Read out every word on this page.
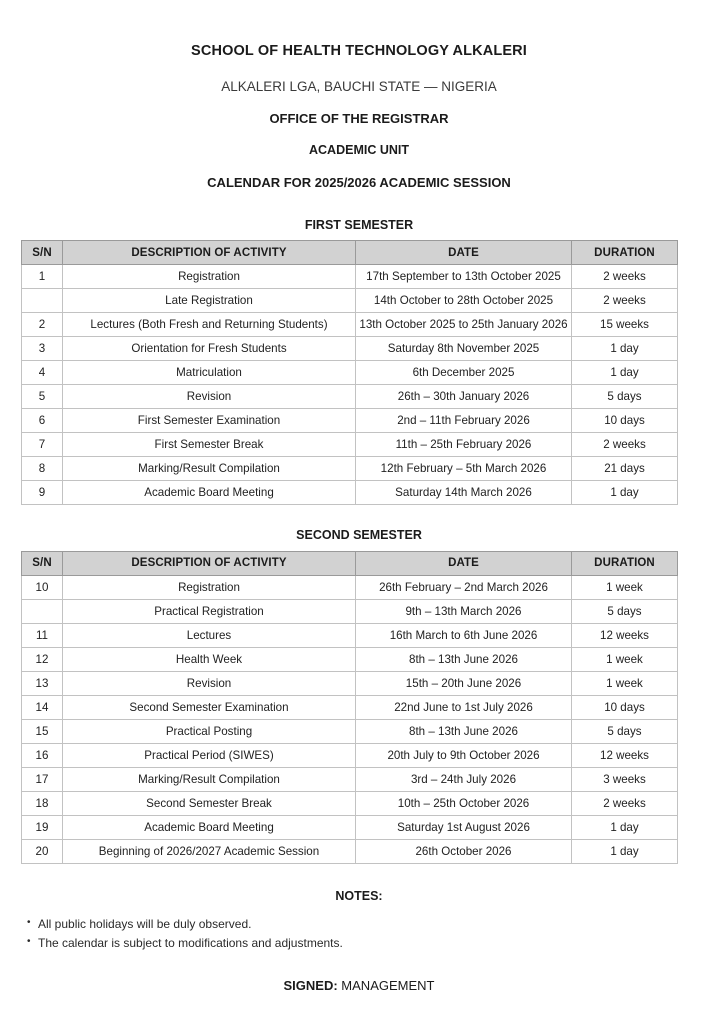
SCHOOL OF HEALTH TECHNOLOGY ALKALERI

ALKALERI LGA, BAUCHI STATE — NIGERIA

OFFICE OF THE REGISTRAR

ACADEMIC UNIT

CALENDAR FOR 2025/2026 ACADEMIC SESSION

FIRST SEMESTER
S/N	DESCRIPTION OF ACTIVITY	DATE	DURATION
1	Registration	17th September to 13th October 2025	2 weeks
	Late Registration	14th October to 28th October 2025	2 weeks
2	Lectures (Both Fresh and Returning Students)	13th October 2025 to 25th January 2026	15 weeks
3	Orientation for Fresh Students	Saturday 8th November 2025	1 day
4	Matriculation	6th December 2025	1 day
5	Revision	26th – 30th January 2026	5 days
6	First Semester Examination	2nd – 11th February 2026	10 days
7	First Semester Break	11th – 25th February 2026	2 weeks
8	Marking/Result Compilation	12th February – 5th March 2026	21 days
9	Academic Board Meeting	Saturday 14th March 2026	1 day
SECOND SEMESTER
S/N	DESCRIPTION OF ACTIVITY	DATE	DURATION
10	Registration	26th February – 2nd March 2026	1 week
	Practical Registration	9th – 13th March 2026	5 days
11	Lectures	16th March to 6th June 2026	12 weeks
12	Health Week	8th – 13th June 2026	1 week
13	Revision	15th – 20th June 2026	1 week
14	Second Semester Examination	22nd June to 1st July 2026	10 days
15	Practical Posting	8th – 13th June 2026	5 days
16	Practical Period (SIWES)	20th July to 9th October 2026	12 weeks
17	Marking/Result Compilation	3rd – 24th July 2026	3 weeks
18	Second Semester Break	10th – 25th October 2026	2 weeks
19	Academic Board Meeting	Saturday 1st August 2026	1 day
20	Beginning of 2026/2027 Academic Session	26th October 2026	1 day
NOTES:
• All public holidays will be duly observed.
• The calendar is subject to modifications and adjustments.
SIGNED: MANAGEMENT
